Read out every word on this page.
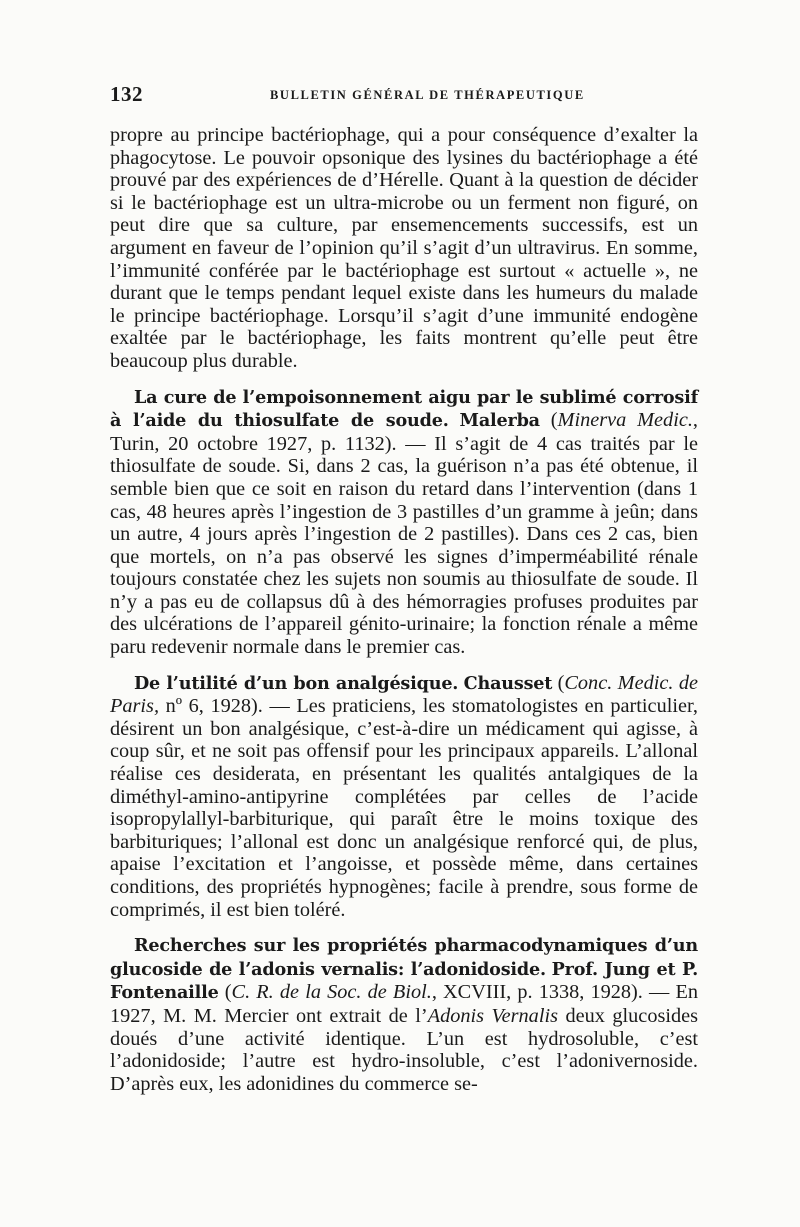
132	BULLETIN GÉNÉRAL DE THÉRAPEUTIQUE

propre au principe bactériophage, qui a pour conséquence d’exalter la phagocytose. Le pouvoir opsonique des lysines du bactériophage a été prouvé par des expériences de d’Hérelle. Quant à la question de décider si le bactériophage est un ultra-microbe ou un ferment non figuré, on peut dire que sa culture, par ensemencements successifs, est un argument en faveur de l’opinion qu’il s’agit d’un ultravirus. En somme, l’immunité conférée par le bactériophage est surtout « actuelle », ne durant que le temps pendant lequel existe dans les humeurs du malade le principe bactériophage. Lorsqu’il s’agit d’une immunité endogène exaltée par le bactériophage, les faits montrent qu’elle peut être beaucoup plus durable.

La cure de l’empoisonnement aigu par le sublimé corrosif à l’aide du thiosulfate de soude. Malerba (Minerva Medic., Turin, 20 octobre 1927, p. 1132). — Il s’agit de 4 cas traités par le thiosulfate de soude. Si, dans 2 cas, la guérison n’a pas été obtenue, il semble bien que ce soit en raison du retard dans l’intervention (dans 1 cas, 48 heures après l’ingestion de 3 pastilles d’un gramme à jeûn; dans un autre, 4 jours après l’ingestion de 2 pastilles). Dans ces 2 cas, bien que mortels, on n’a pas observé les signes d’imperméabilité rénale toujours constatée chez les sujets non soumis au thiosulfate de soude. Il n’y a pas eu de collapsus dû à des hémorragies profuses produites par des ulcérations de l’appareil génito-urinaire; la fonction rénale a même paru redevenir normale dans le premier cas.

De l’utilité d’un bon analgésique. Chausset (Conc. Medic. de Paris, nº 6, 1928). — Les praticiens, les stomatologistes en particulier, désirent un bon analgésique, c’est-à-dire un médicament qui agisse, à coup sûr, et ne soit pas offensif pour les principaux appareils. L’allonal réalise ces desiderata, en présentant les qualités antalgiques de la diméthyl-amino-antipyrine complétées par celles de l’acide isopropylallyl-barbiturique, qui paraît être le moins toxique des barbituriques; l’allonal est donc un analgésique renforcé qui, de plus, apaise l’excitation et l’angoisse, et possède même, dans certaines conditions, des propriétés hypnogènes; facile à prendre, sous forme de comprimés, il est bien toléré.

Recherches sur les propriétés pharmacodynamiques d’un glucoside de l’adonis vernalis: l’adonidoside. Prof. Jung et P. Fontenaille (C. R. de la Soc. de Biol., XCVIII, p. 1338, 1928). — En 1927, M. M. Mercier ont extrait de l’Adonis Vernalis deux glucosides doués d’une activité identique. L’un est hydrosoluble, c’est l’adonidoside; l’autre est hydro-insoluble, c’est l’adonivernoside. D’après eux, les adonidines du commerce se-
